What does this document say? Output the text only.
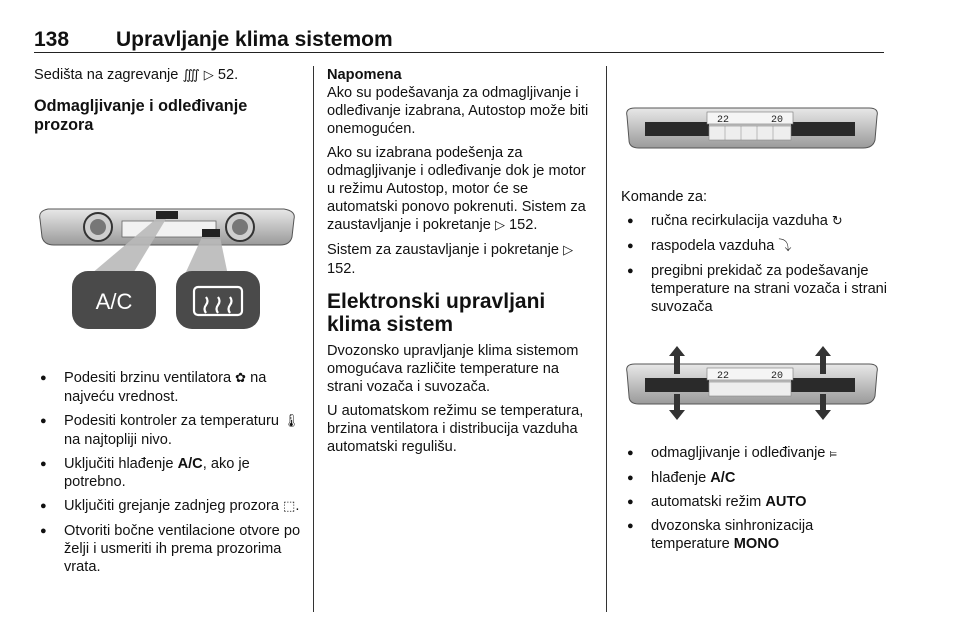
138 Upravljanje klima sistemom

Sedišta na zagrevanje ⨌ ▷ 52.

Odmagljivanje i odleđivanje prozora
A/C
● Podesiti brzinu ventilatora ✿ na najveću vrednost.
● Podesiti kontroler za temperaturu 🌡︎ na najtopliji nivo.
● Uključiti hlađenje A/C, ako je potrebno.
● Uključiti grejanje zadnjeg prozora ⬚.
● Otvoriti bočne ventilacione otvore po želji i usmeriti ih prema prozorima vrata.

Napomena
Ako su podešavanja za odmagljivanje i odleđivanje izabrana, Autostop može biti onemogućen.

Ako su izabrana podešenja za odmagljivanje i odleđivanje dok je motor u režimu Autostop, motor će se automatski ponovo pokrenuti. Sistem za zaustavljanje i pokretanje ▷ 152.

Sistem za zaustavljanje i pokretanje ▷ 152.

Elektronski upravljani klima sistem

Dvozonsko upravljanje klima sistemom omogućava različite temperature na strani vozača i suvozača.

U automatskom režimu se temperatura, brzina ventilatora i distribucija vazduha automatski regulišu.

22	20

Komande za:

● ručna recirkulacija vazduha ↻
● raspodela vazduha ⤵
● pregibni prekidač za podešavanje temperature na strani vozača i strani suvozača
22	20
● odmagljivanje i odleđivanje ⫢
● hlađenje A/C
● automatski režim AUTO
● dvozonska sinhronizacija temperature MONO
